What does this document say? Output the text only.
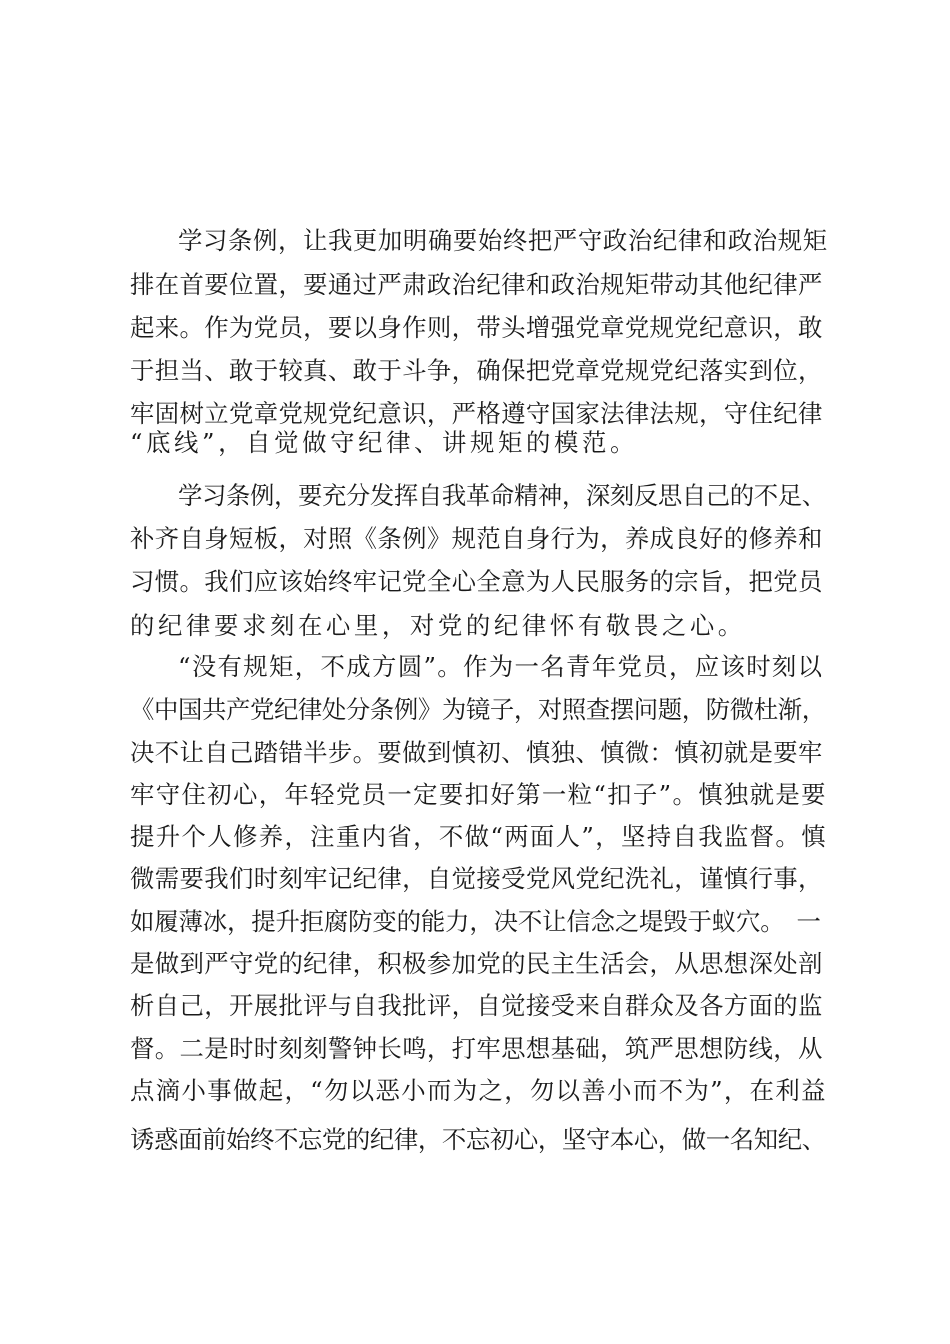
学习条例，让我更加明确要始终把严守政治纪律和政治规矩
排在首要位置，要通过严肃政治纪律和政治规矩带动其他纪律严
起来。作为党员，要以身作则，带头增强党章党规党纪意识，敢
于担当、敢于较真、敢于斗争，确保把党章党规党纪落实到位，
牢固树立党章党规党纪意识，严格遵守国家法律法规，守住纪律
“底线”，自觉做守纪律、讲规矩的模范。
学习条例，要充分发挥自我革命精神，深刻反思自己的不足、
补齐自身短板，对照《条例》规范自身行为，养成良好的修养和
习惯。我们应该始终牢记党全心全意为人民服务的宗旨，把党员
的纪律要求刻在心里，对党的纪律怀有敬畏之心。
“没有规矩，不成方圆”。作为一名青年党员，应该时刻以
《中国共产党纪律处分条例》为镜子，对照查摆问题，防微杜渐，
决不让自己踏错半步。要做到慎初、慎独、慎微：慎初就是要牢
牢守住初心，年轻党员一定要扣好第一粒“扣子”。慎独就是要
提升个人修养，注重内省，不做“两面人”，坚持自我监督。慎
微需要我们时刻牢记纪律，自觉接受党风党纪洗礼，谨慎行事，
如履薄冰，提升拒腐防变的能力，决不让信念之堤毁于蚁穴。　一
是做到严守党的纪律，积极参加党的民主生活会，从思想深处剖
析自己，开展批评与自我批评，自觉接受来自群众及各方面的监
督。二是时时刻刻警钟长鸣，打牢思想基础，筑严思想防线，从
点滴小事做起，“勿以恶小而为之，勿以善小而不为”，在利益
诱惑面前始终不忘党的纪律，不忘初心，坚守本心，做一名知纪、
